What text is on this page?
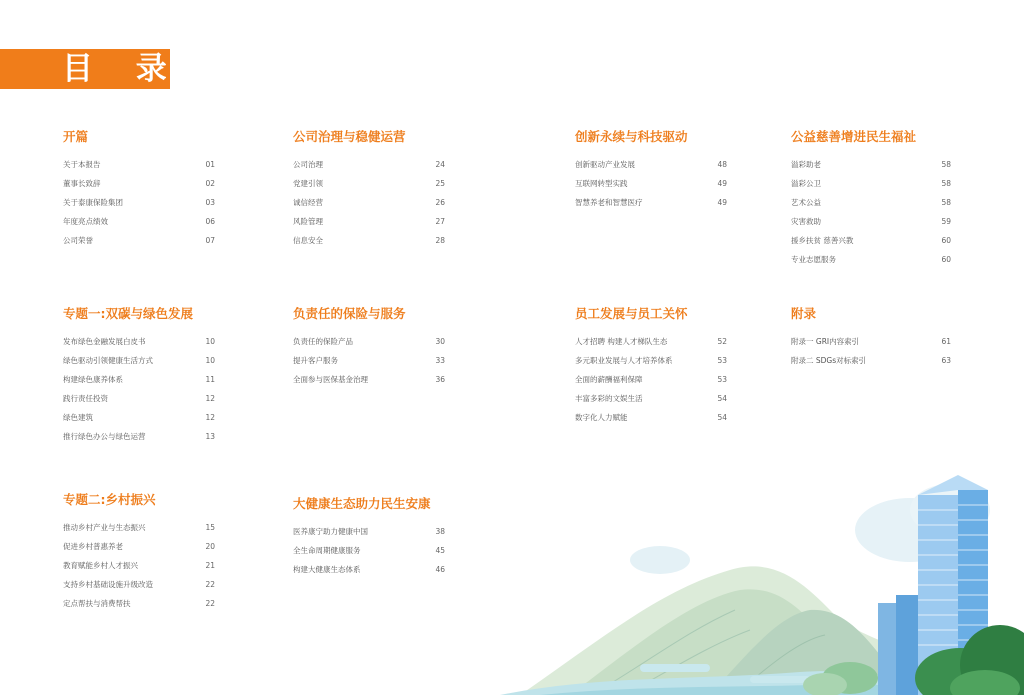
目 录
开篇
关于本报告	01
董事长致辞	02
关于泰康保险集团	03
年度亮点绩效	06
公司荣誉	07
公司治理与稳健运营
公司治理	24
党建引领	25
诚信经营	26
风险管理	27
信息安全	28
创新永续与科技驱动
创新驱动产业发展	48
互联网转型实践	49
智慧养老和智慧医疗	49
公益慈善增进民生福祉
溢彩助老	58
溢彩公卫	58
艺术公益	58
灾害救助	59
援乡扶贫 慈善兴教	60
专业志愿服务	60
专题一:双碳与绿色发展
发布绿色金融发展白皮书	10
绿色驱动引领健康生活方式	10
构建绿色康养体系	11
践行责任投资	12
绿色建筑	12
推行绿色办公与绿色运营	13
负责任的保险与服务
负责任的保险产品	30
提升客户服务	33
全面参与医保基金治理	36
员工发展与员工关怀
人才招聘 构建人才梯队生态	52
多元职业发展与人才培养体系	53
全面的薪酬福利保障	53
丰富多彩的文娱生活	54
数字化人力赋能	54
附录
附录一 GRI内容索引	61
附录二 SDGs对标索引	63
专题二:乡村振兴
推动乡村产业与生态振兴	15
促进乡村普惠养老	20
教育赋能乡村人才振兴	21
支持乡村基础设施升级改造	22
定点帮扶与消费帮扶	22
大健康生态助力民生安康
医养康宁助力健康中国	38
全生命周期健康服务	45
构建大健康生态体系	46
